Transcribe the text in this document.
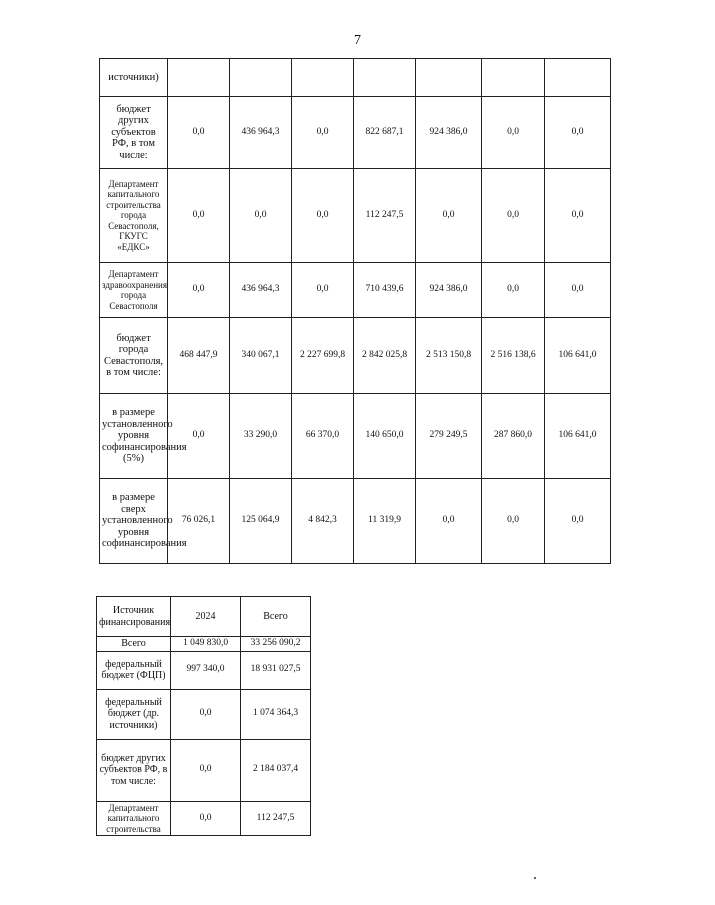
7
источники)							
бюджет других субъектов РФ, в том числе:	0,0	436 964,3	0,0	822 687,1	924 386,0	0,0	0,0
Департамент капитального строительства города Севастополя, ГКУГС «ЕДКС»	0,0	0,0	0,0	112 247,5	0,0	0,0	0,0
Департамент здравоохранения города Севастополя	0,0	436 964,3	0,0	710 439,6	924 386,0	0,0	0,0
бюджет города Севастополя, в том числе:	468 447,9	340 067,1	2 227 699,8	2 842 025,8	2 513 150,8	2 516 138,6	106 641,0
в размере установленного уровня софинансирования (5%)	0,0	33 290,0	66 370,0	140 650,0	279 249,5	287 860,0	106 641,0
в размере сверх установленного уровня софинансирования	76 026,1	125 064,9	4 842,3	11 319,9	0,0	0,0	0,0
Источник финансирования	2024	Всего
Всего	1 049 830,0	33 256 090,2
федеральный бюджет (ФЦП)	997 340,0	18 931 027,5
федеральный бюджет (др. источники)	0,0	1 074 364,3
бюджет других субъектов РФ, в том числе:	0,0	2 184 037,4
Департамент капитального строительства	0,0	112 247,5
